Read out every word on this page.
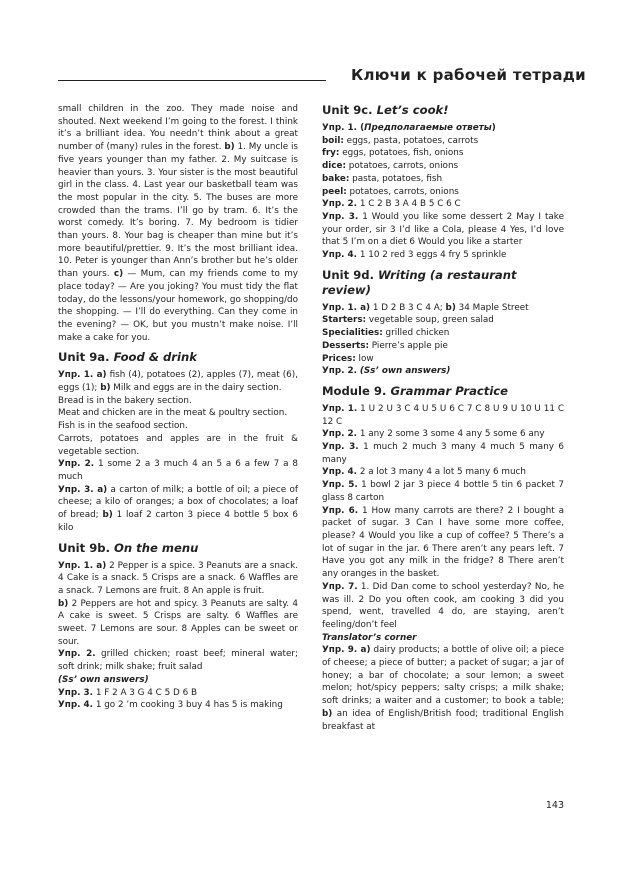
Ключи к рабочей тетради

small children in the zoo. They made noise and shouted. Next weekend I’m going to the forest. I think it’s a brilliant idea. You needn’t think about a great number of (many) rules in the forest. b) 1. My uncle is five years younger than my father. 2. My suitcase is heavier than yours. 3. Your sister is the most beautiful girl in the class. 4. Last year our basketball team was the most popular in the city. 5. The buses are more crowded than the trams. I’ll go by tram. 6. It’s the worst comedy. It’s boring. 7. My bedroom is tidier than yours. 8. Your bag is cheaper than mine but it’s more beautiful/prettier. 9. It’s the most brilliant idea. 10. Peter is younger than Ann’s brother but he’s older than yours. c) — Mum, can my friends come to my place today? — Are you joking? You must tidy the flat today, do the lessons/your homework, go shopping/do the shopping. — I’ll do everything. Can they come in the evening? — OK, but you mustn’t make noise. I’ll make a cake for you.

Unit 9a. Food & drink

Упр. 1. a) fish (4), potatoes (2), apples (7), meat (6), eggs (1); b) Milk and eggs are in the dairy section.

Bread is in the bakery section.

Meat and chicken are in the meat & poultry section.

Fish is in the seafood section.

Carrots, potatoes and apples are in the fruit & vegetable section.

Упр. 2. 1 some 2 a 3 much 4 an 5 a 6 a few 7 a 8 much

Упр. 3. a) a carton of milk; a bottle of oil; a piece of cheese; a kilo of oranges; a box of chocolates; a loaf of bread; b) 1 loaf 2 carton 3 piece 4 bottle 5 box 6 kilo

Unit 9b. On the menu

Упр. 1. a) 2 Pepper is a spice. 3 Peanuts are a snack. 4 Cake is a snack. 5 Crisps are a snack. 6 Waffles are a snack. 7 Lemons are fruit. 8 An apple is fruit.

b) 2 Peppers are hot and spicy. 3 Peanuts are salty. 4 A cake is sweet. 5 Crisps are salty. 6 Waffles are sweet. 7 Lemons are sour. 8 Apples can be sweet or sour.

Упр. 2. grilled chicken; roast beef; mineral water; soft drink; milk shake; fruit salad

(Ss’ own answers)

Упр. 3. 1 F 2 A 3 G 4 C 5 D 6 B

Упр. 4. 1 go 2 ’m cooking 3 buy 4 has 5 is making

Unit 9c. Let’s cook!

Упр. 1. (Предполагаемые ответы)

boil: eggs, pasta, potatoes, carrots

fry: eggs, potatoes, fish, onions

dice: potatoes, carrots, onions

bake: pasta, potatoes, fish

peel: potatoes, carrots, onions

Упр. 2. 1 C 2 B 3 A 4 B 5 C 6 C

Упр. 3. 1 Would you like some dessert 2 May I take your order, sir 3 I’d like a Cola, please 4 Yes, I’d love that 5 I’m on a diet 6 Would you like a starter

Упр. 4. 1 10 2 red 3 eggs 4 fry 5 sprinkle

Unit 9d. Writing (a restaurant review)

Упр. 1. a) 1 D 2 B 3 C 4 A; b) 34 Maple Street

Starters: vegetable soup, green salad

Specialities: grilled chicken

Desserts: Pierre’s apple pie

Prices: low

Упр. 2. (Ss’ own answers)

Module 9. Grammar Practice

Упр. 1. 1 U 2 U 3 C 4 U 5 U 6 C 7 C 8 U 9 U 10 U 11 C 12 C

Упр. 2. 1 any 2 some 3 some 4 any 5 some 6 any

Упр. 3. 1 much 2 much 3 many 4 much 5 many 6 many

Упр. 4. 2 a lot 3 many 4 a lot 5 many 6 much

Упр. 5. 1 bowl 2 jar 3 piece 4 bottle 5 tin 6 packet 7 glass 8 carton

Упр. 6. 1 How many carrots are there? 2 I bought a packet of sugar. 3 Can I have some more coffee, please? 4 Would you like a cup of coffee? 5 There’s a lot of sugar in the jar. 6 There aren’t any pears left. 7 Have you got any milk in the fridge? 8 There aren’t any oranges in the basket.

Упр. 7. 1. Did Dan come to school yesterday? No, he was ill. 2 Do you often cook, am cooking 3 did you spend, went, travelled 4 do, are staying, aren’t feeling/don’t feel

Translator’s corner

Упр. 9. a) dairy products; a bottle of olive oil; a piece of cheese; a piece of butter; a packet of sugar; a jar of honey; a bar of chocolate; a sour lemon; a sweet melon; hot/spicy peppers; salty crisps; a milk shake; soft drinks; a waiter and a customer; to book a table; b) an idea of English/British food; traditional English breakfast at

143
